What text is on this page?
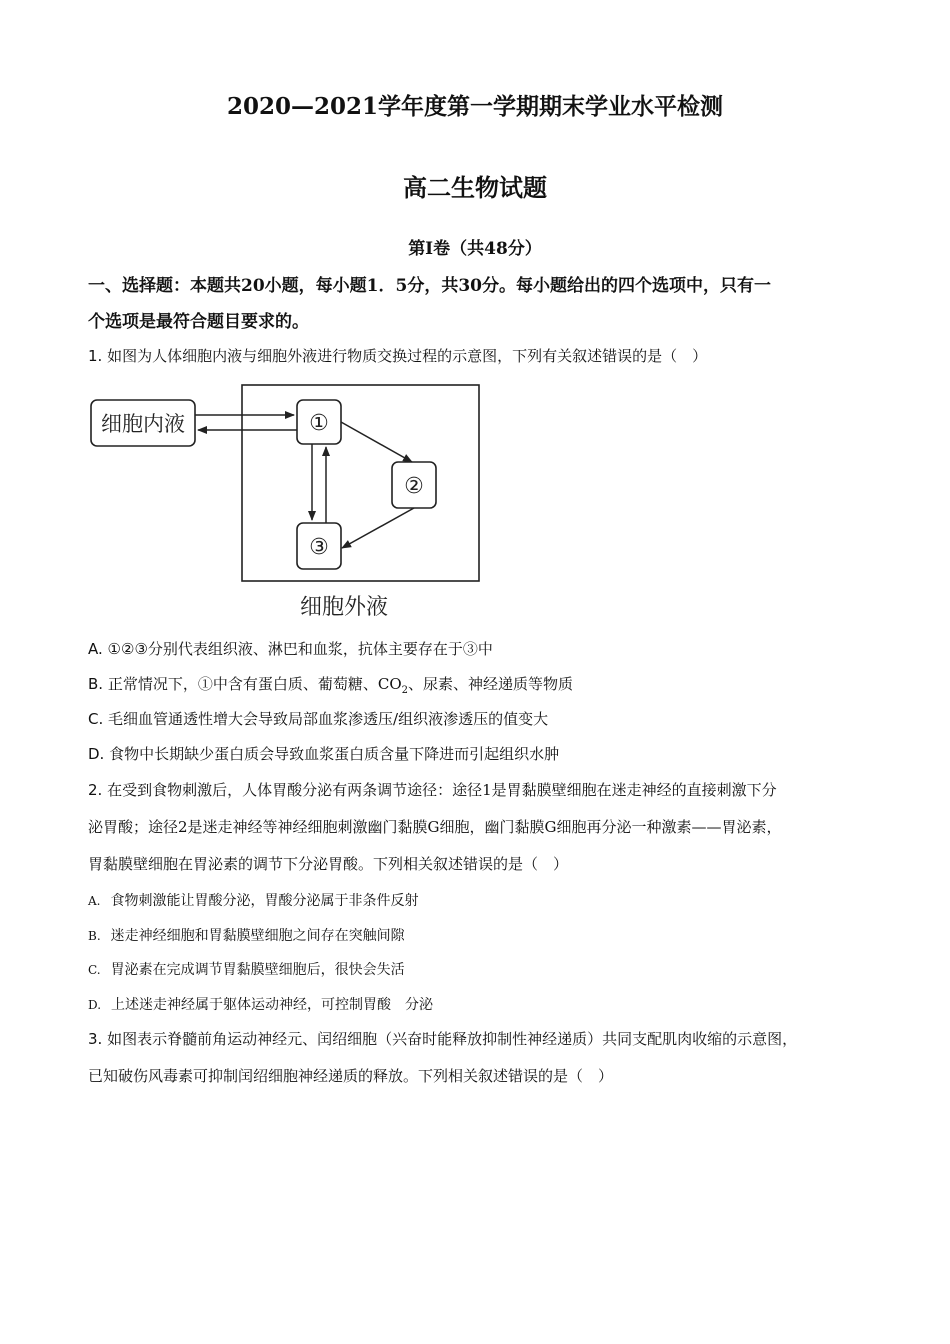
2020—2021学年度第一学期期末学业水平检测
高二生物试题
第Ⅰ卷（共48分）
一、选择题：本题共20小题，每小题1．5分，共30分。每小题给出的四个选项中，只有一
个选项是最符合题目要求的。
1. 如图为人体细胞内液与细胞外液进行物质交换过程的示意图，下列有关叙述错误的是（　）
细胞内液	①
②
③
细胞外液
A. ①②③分别代表组织液、淋巴和血浆，抗体主要存在于③中
B. 正常情况下，①中含有蛋白质、葡萄糖、$CO_2$、尿素、神经递质等物质
C. 毛细血管通透性增大会导致局部血浆渗透压/组织液渗透压的值变大
D. 食物中长期缺少蛋白质会导致血浆蛋白质含量下降进而引起组织水肿
2. 在受到食物刺激后，人体胃酸分泌有两条调节途径：途径1是胃黏膜壁细胞在迷走神经的直接刺激下分
泌胃酸；途径2是迷走神经等神经细胞刺激幽门黏膜G细胞，幽门黏膜G细胞再分泌一种激素——胃泌素，
胃黏膜壁细胞在胃泌素的调节下分泌胃酸。下列相关叙述错误的是（　）
A. 食物刺激能让胃酸分泌，胃酸分泌属于非条件反射
B. 迷走神经细胞和胃黏膜壁细胞之间存在突触间隙
C. 胃泌素在完成调节胃黏膜壁细胞后，很快会失活
D. 上述迷走神经属于躯体运动神经，可控制胃酸　分泌
3. 如图表示脊髓前角运动神经元、闰绍细胞（兴奋时能释放抑制性神经递质）共同支配肌肉收缩的示意图，
已知破伤风毒素可抑制闰绍细胞神经递质的释放。下列相关叙述错误的是（　）
